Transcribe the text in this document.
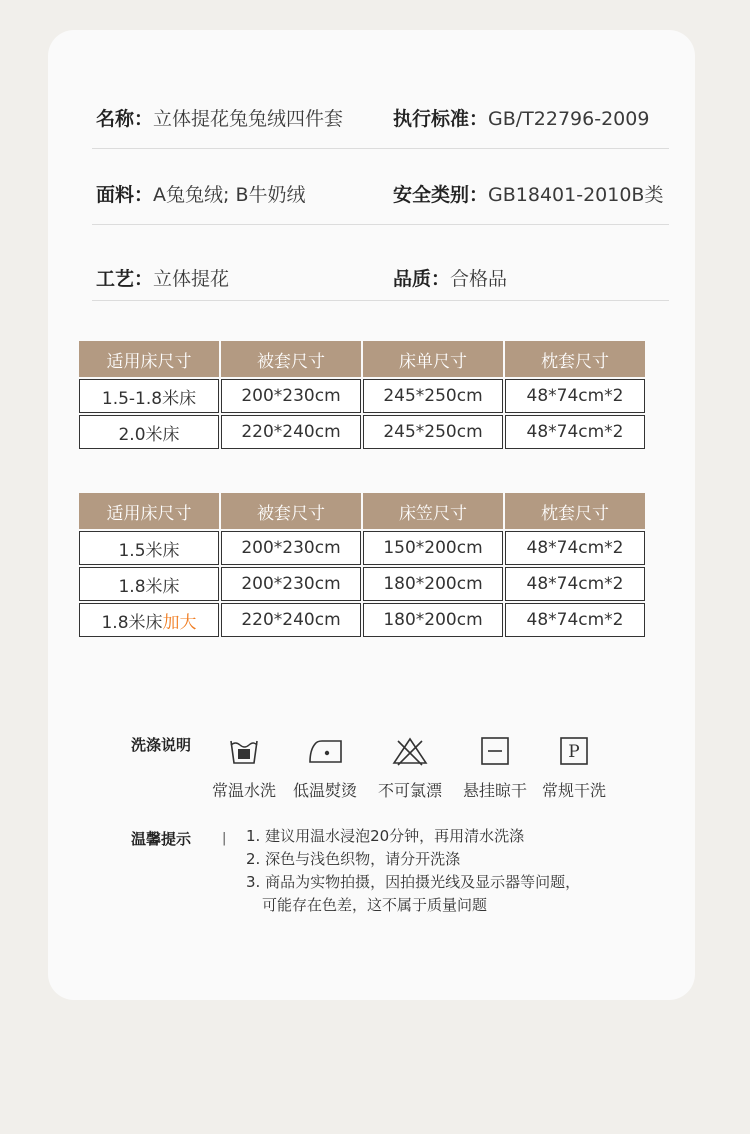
名称：立体提花兔兔绒四件套	执行标准：GB/T22796-2009
面料：A兔兔绒; B牛奶绒	安全类别：GB18401-2010B类
工艺：立体提花	品质：合格品
适用床尺寸	被套尺寸	床单尺寸	枕套尺寸
1.5-1.8米床	200*230cm	245*250cm	48*74cm*2
2.0米床	220*240cm	245*250cm	48*74cm*2
适用床尺寸	被套尺寸	床笠尺寸	枕套尺寸
1.5米床	200*230cm	150*200cm	48*74cm*2
1.8米床	200*230cm	180*200cm	48*74cm*2
1.8米床加大	220*240cm	180*200cm	48*74cm*2
洗涤说明
常温水洗 低温熨烫 不可氯漂 悬挂晾干
P
常规干洗
温馨提示 | 1. 建议用温水浸泡20分钟，再用清水洗涤
2. 深色与浅色织物，请分开洗涤
3. 商品为实物拍摄，因拍摄光线及显示器等问题，
可能存在色差，这不属于质量问题
